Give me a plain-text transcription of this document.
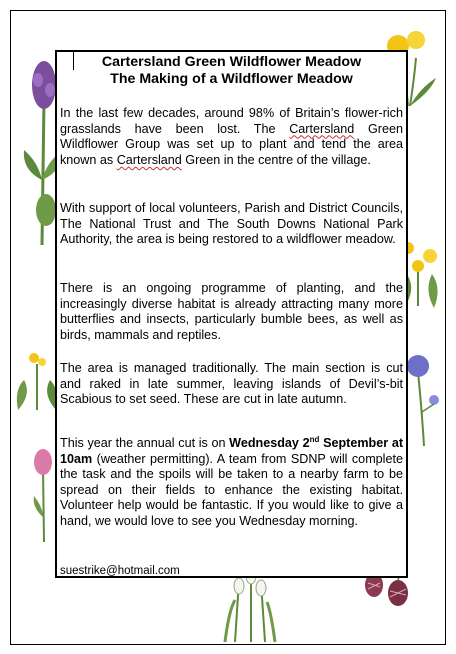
Cartersland Green Wildflower Meadow
The Making of a Wildflower Meadow
In the last few decades, around 98% of Britain’s flower-rich grasslands have been lost. The Cartersland Green Wildflower Group was set up to plant and tend the area known as Cartersland Green in the centre of the village.
With support of local volunteers, Parish and District Councils, The National Trust and The South Downs National Park Authority, the area is being restored to a wildflower meadow.
There is an ongoing programme of planting, and the increasingly diverse habitat is already attracting many more butterflies and insects, particularly bumble bees, as well as birds, mammals and reptiles.
The area is managed traditionally. The main section is cut and raked in late summer, leaving islands of Devil’s-bit Scabious to set seed. These are cut in late autumn.
This year the annual cut is on Wednesday 2nd September at 10am (weather permitting). A team from SDNP will complete the task and the spoils will be taken to a nearby farm to be spread on their fields to enhance the existing habitat. Volunteer help would be fantastic. If you would like to give a hand, we would love to see you Wednesday morning.
suestrike@hotmail.com
